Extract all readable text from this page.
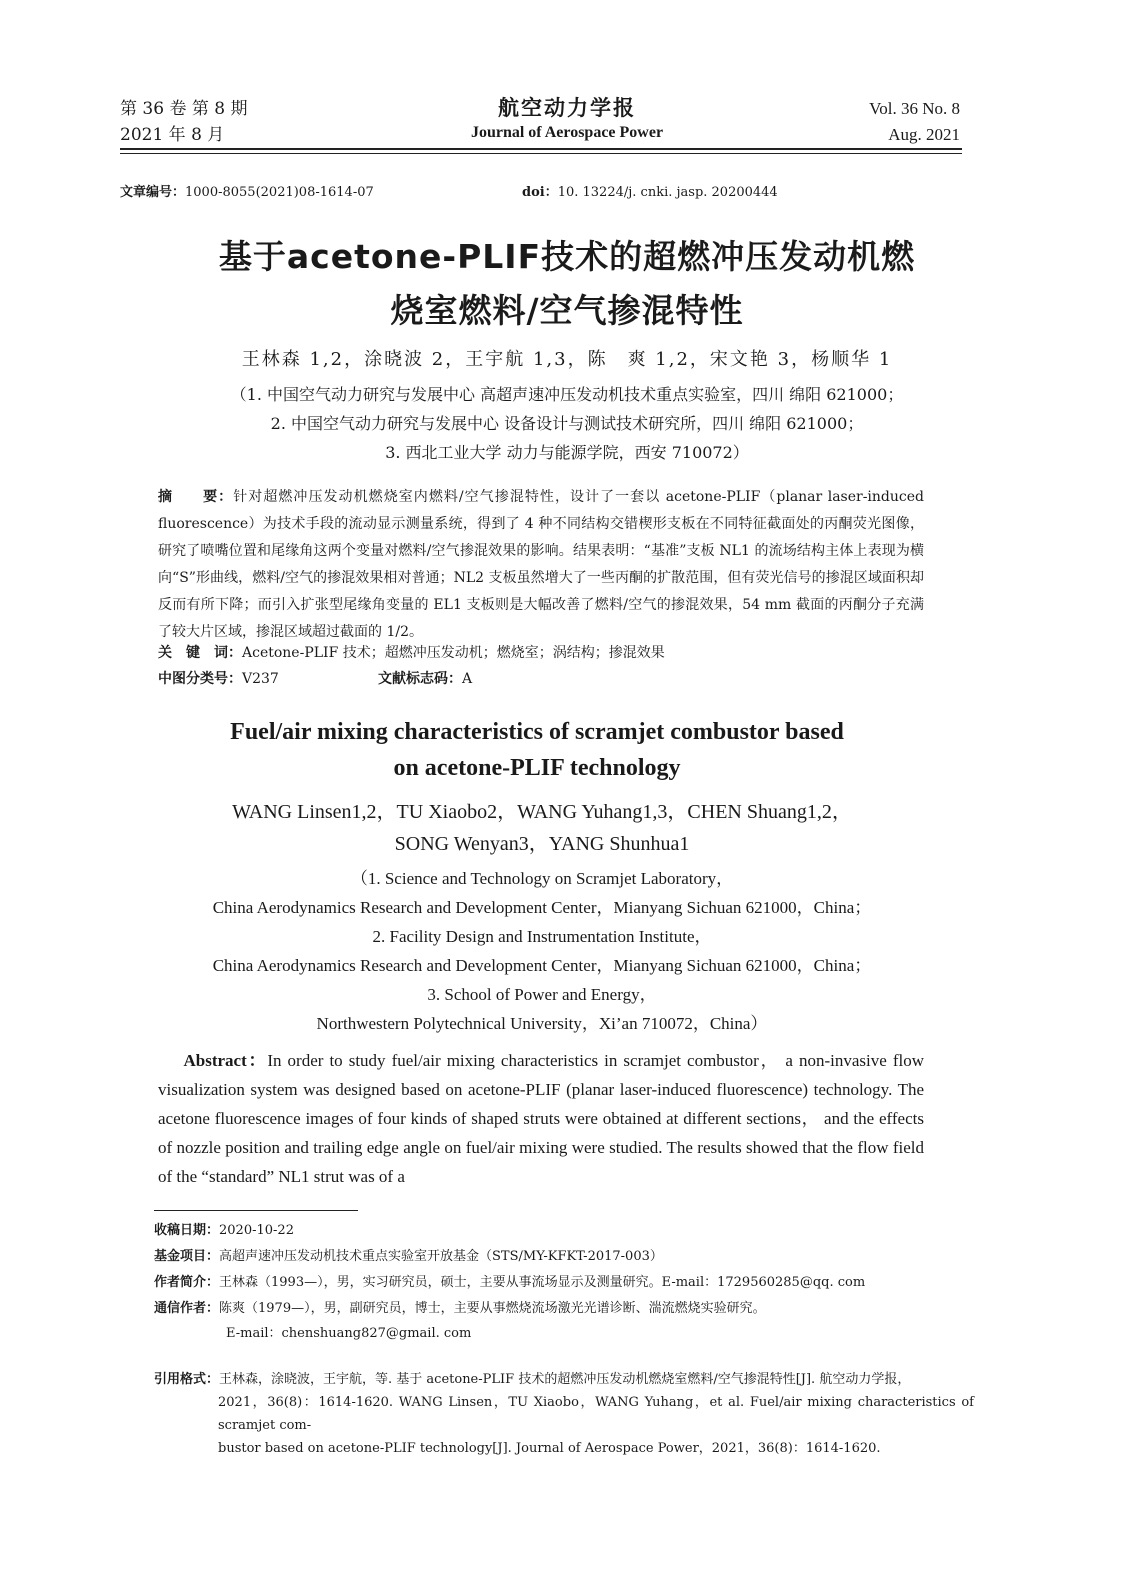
第 36 卷 第 8 期
2021 年 8 月
航空动力学报
Journal of Aerospace Power
Vol. 36 No. 8
Aug. 2021
文章编号：1000-8055(2021)08-1614-07	doi：10. 13224/j. cnki. jasp. 20200444
基于acetone-PLIF技术的超燃冲压发动机燃
烧室燃料/空气掺混特性
王林森 1,2，涂晓波 2，王宇航 1,3，陈　爽 1,2，宋文艳 3，杨顺华 1
（1. 中国空气动力研究与发展中心 高超声速冲压发动机技术重点实验室，四川 绵阳 621000；
2. 中国空气动力研究与发展中心 设备设计与测试技术研究所，四川 绵阳 621000；
3. 西北工业大学 动力与能源学院，西安 710072）
摘　　要：针对超燃冲压发动机燃烧室内燃料/空气掺混特性，设计了一套以 acetone-PLIF（planar laser-induced fluorescence）为技术手段的流动显示测量系统，得到了 4 种不同结构交错楔形支板在不同特征截面处的丙酮荧光图像，研究了喷嘴位置和尾缘角这两个变量对燃料/空气掺混效果的影响。结果表明：“基准”支板 NL1 的流场结构主体上表现为横向“S”形曲线，燃料/空气的掺混效果相对普通；NL2 支板虽然增大了一些丙酮的扩散范围，但有荧光信号的掺混区域面积却反而有所下降；而引入扩张型尾缘角变量的 EL1 支板则是大幅改善了燃料/空气的掺混效果，54 mm 截面的丙酮分子充满了较大片区域，掺混区域超过截面的 1/2。
关　键　词：Acetone-PLIF 技术；超燃冲压发动机；燃烧室；涡结构；掺混效果
中图分类号：V237	文献标志码：A
Fuel/air mixing characteristics of scramjet combustor based
on acetone-PLIF technology
WANG Linsen1,2，TU Xiaobo2，WANG Yuhang1,3，CHEN Shuang1,2，
SONG Wenyan3，YANG Shunhua1
（1. Science and Technology on Scramjet Laboratory，
China Aerodynamics Research and Development Center，Mianyang Sichuan 621000，China；
2. Facility Design and Instrumentation Institute，
China Aerodynamics Research and Development Center，Mianyang Sichuan 621000，China；
3. School of Power and Energy，
Northwestern Polytechnical University，Xi’an 710072，China）
  Abstract：In order to study fuel/air mixing characteristics in scramjet combustor， a non-invasive flow visualization system was designed based on acetone-PLIF (planar laser-induced fluorescence) technology. The acetone fluorescence images of four kinds of shaped struts were obtained at different sections， and the effects of nozzle position and trailing edge angle on fuel/air mixing were studied. The results showed that the flow field of the “standard” NL1 strut was of a
收稿日期：2020-10-22
基金项目：高超声速冲压发动机技术重点实验室开放基金（STS/MY-KFKT-2017-003）
作者简介：王林森（1993—），男，实习研究员，硕士，主要从事流场显示及测量研究。E-mail：1729560285@qq. com
通信作者：陈爽（1979—），男，副研究员，博士，主要从事燃烧流场激光光谱诊断、湍流燃烧实验研究。
E-mail：chenshuang827@gmail. com
引用格式：王林森，涂晓波，王宇航，等. 基于 acetone-PLIF 技术的超燃冲压发动机燃烧室燃料/空气掺混特性[J]. 航空动力学报，
2021，36(8)：1614-1620. WANG Linsen，TU Xiaobo，WANG Yuhang，et al. Fuel/air mixing characteristics of scramjet com-
bustor based on acetone-PLIF technology[J]. Journal of Aerospace Power，2021，36(8)：1614-1620.
